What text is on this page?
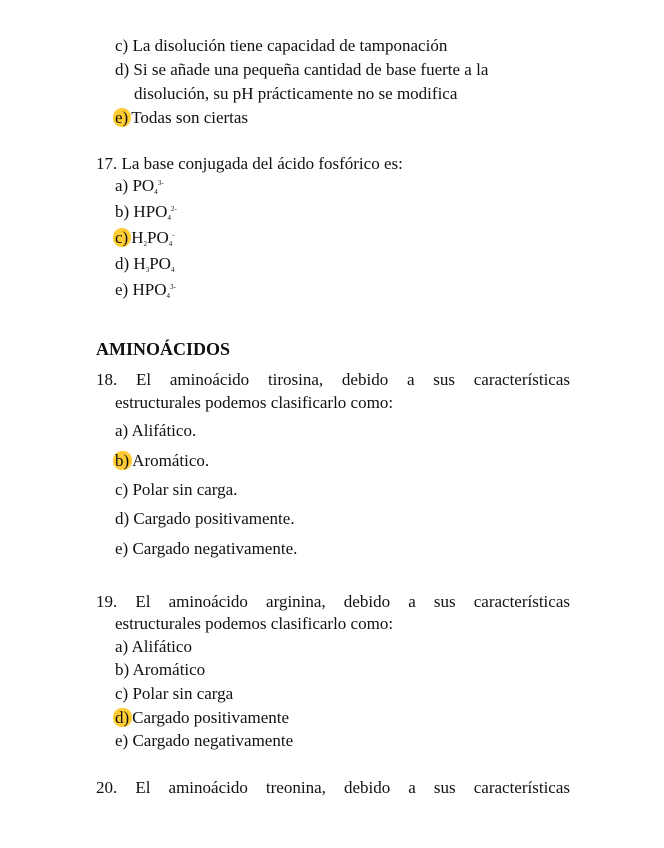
c) La disolución tiene capacidad de tamponación
d) Si se añade una pequeña cantidad de base fuerte a la
disolución, su pH prácticamente no se modifica
e) Todas son ciertas
17. La base conjugada del ácido fosfórico es:
a) $PO_4^{3-}$
b) $HPO_4^{2-}$
c) $H_2PO_4^-$
d) $H_3PO_4$
e) $HPO_4^{3-}$
AMINOÁCIDOS
18. El aminoácido tirosina, debido a sus características
estructurales podemos clasificarlo como:
a) Alifático.
b) Aromático.
c) Polar sin carga.
d) Cargado positivamente.
e) Cargado negativamente.
19. El aminoácido arginina, debido a sus características
estructurales podemos clasificarlo como:
a) Alifático
b) Aromático
c) Polar sin carga
d) Cargado positivamente
e) Cargado negativamente
20. El aminoácido treonina, debido a sus características
